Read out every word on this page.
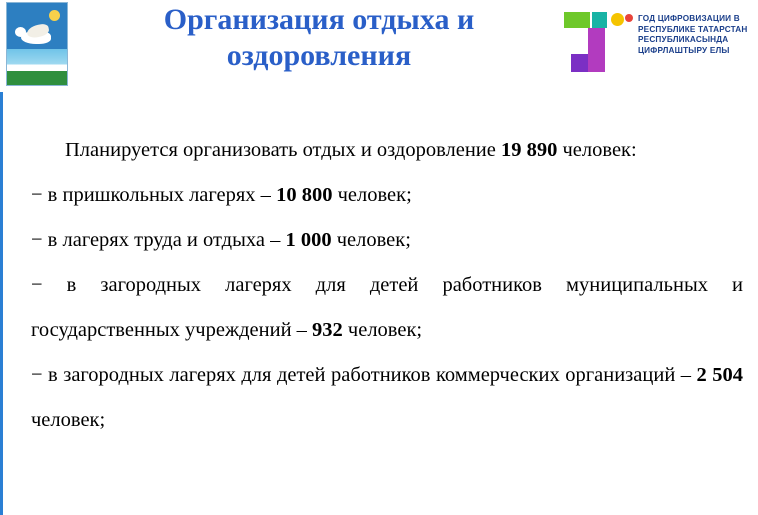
Организация отдыха и оздоровления
ГОД ЦИФРОВИЗАЦИИ В РЕСПУБЛИКЕ ТАТАРСТАН РЕСПУБЛИКАСЫНДА ЦИФРЛАШТЫРУ ЕЛЫ
Планируется организовать отдых и оздоровление 19 890 человек:
− в пришкольных лагерях – 10 800 человек;
− в лагерях труда и отдыха – 1 000 человек;
− в загородных лагерях для детей работников муниципальных и государственных учреждений – 932 человек;
− в загородных лагерях для детей работников коммерческих организаций – 2 504 человек;
